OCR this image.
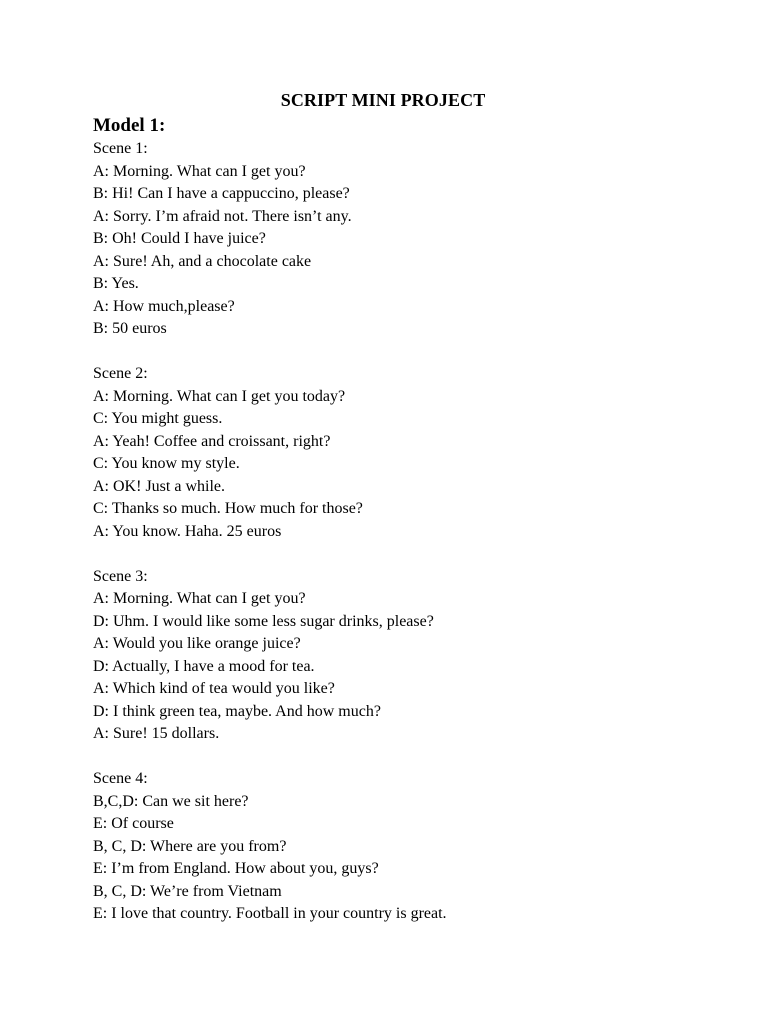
SCRIPT MINI PROJECT
Model 1:
Scene 1:
A: Morning. What can I get you?
B: Hi! Can I have a cappuccino, please?
A: Sorry. I’m afraid not. There isn’t any.
B: Oh! Could I have juice?
A: Sure! Ah, and a chocolate cake
B: Yes.
A: How much,please?
B: 50 euros
Scene 2:
A: Morning. What can I get you today?
C: You might guess.
A: Yeah! Coffee and croissant, right?
C: You know my style.
A: OK! Just a while.
C: Thanks so much. How much for those?
A: You know. Haha. 25 euros
Scene 3:
A: Morning. What can I get you?
D: Uhm. I would like some less sugar drinks, please?
A: Would you like orange juice?
D: Actually, I have a mood for tea.
A: Which kind of tea would you like?
D: I think green tea, maybe. And how much?
A: Sure! 15 dollars.
Scene 4:
B,C,D: Can we sit here?
E: Of course
B, C, D: Where are you from?
E: I’m from England. How about you, guys?
B, C, D: We’re from Vietnam
E: I love that country. Football in your country is great.
